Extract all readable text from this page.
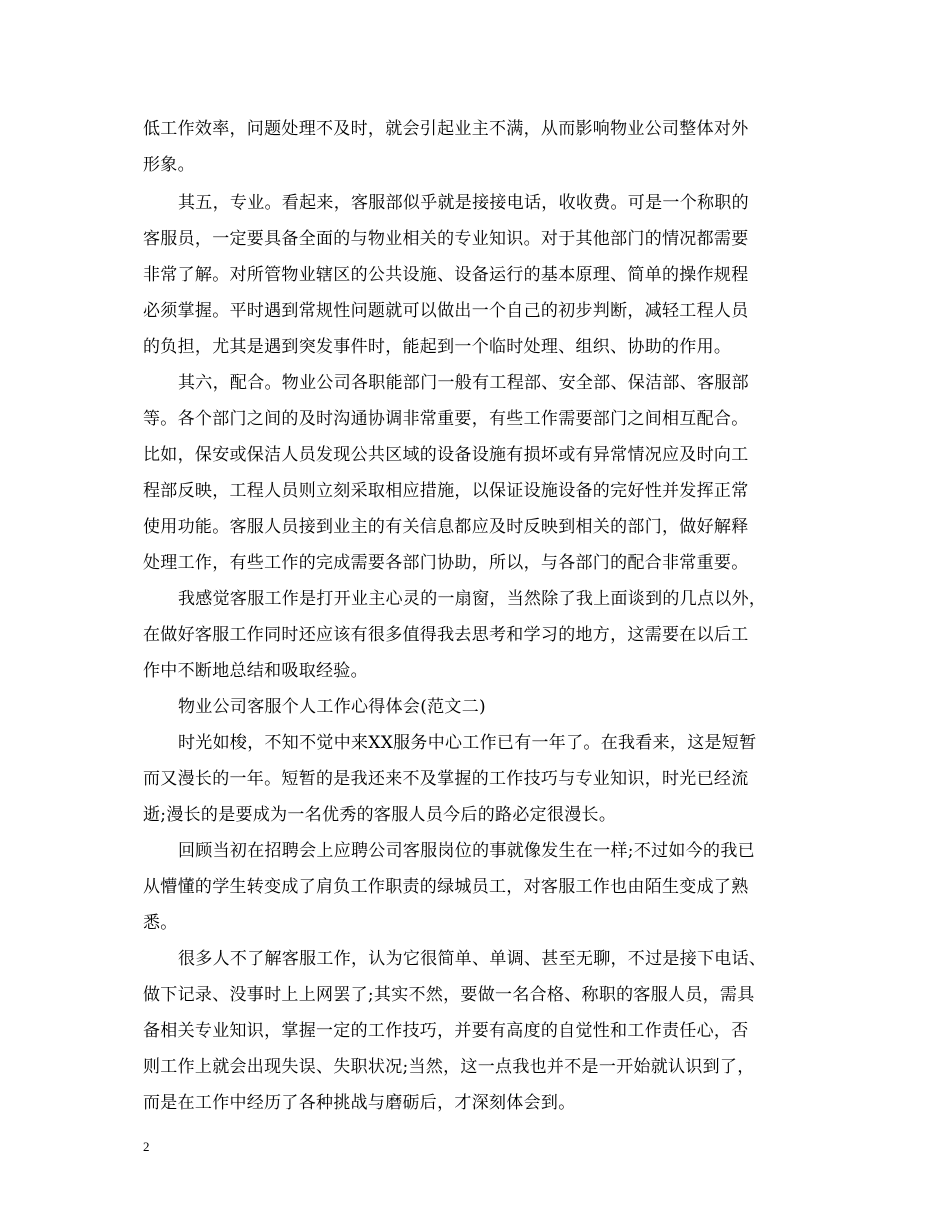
低工作效率，问题处理不及时，就会引起业主不满，从而影响物业公司整体对外
形象。
其五，专业。看起来，客服部似乎就是接接电话，收收费。可是一个称职的
客服员，一定要具备全面的与物业相关的专业知识。对于其他部门的情况都需要
非常了解。对所管物业辖区的公共设施、设备运行的基本原理、简单的操作规程
必须掌握。平时遇到常规性问题就可以做出一个自己的初步判断，减轻工程人员
的负担，尤其是遇到突发事件时，能起到一个临时处理、组织、协助的作用。
其六，配合。物业公司各职能部门一般有工程部、安全部、保洁部、客服部
等。各个部门之间的及时沟通协调非常重要，有些工作需要部门之间相互配合。
比如，保安或保洁人员发现公共区域的设备设施有损坏或有异常情况应及时向工
程部反映，工程人员则立刻采取相应措施，以保证设施设备的完好性并发挥正常
使用功能。客服人员接到业主的有关信息都应及时反映到相关的部门，做好解释
处理工作，有些工作的完成需要各部门协助，所以，与各部门的配合非常重要。
我感觉客服工作是打开业主心灵的一扇窗，当然除了我上面谈到的几点以外，
在做好客服工作同时还应该有很多值得我去思考和学习的地方，这需要在以后工
作中不断地总结和吸取经验。
物业公司客服个人工作心得体会(范文二)
时光如梭，不知不觉中来XX服务中心工作已有一年了。在我看来，这是短暂
而又漫长的一年。短暂的是我还来不及掌握的工作技巧与专业知识，时光已经流
逝;漫长的是要成为一名优秀的客服人员今后的路必定很漫长。
回顾当初在招聘会上应聘公司客服岗位的事就像发生在一样;不过如今的我已
从懵懂的学生转变成了肩负工作职责的绿城员工，对客服工作也由陌生变成了熟
悉。
很多人不了解客服工作，认为它很简单、单调、甚至无聊，不过是接下电话、
做下记录、没事时上上网罢了;其实不然，要做一名合格、称职的客服人员，需具
备相关专业知识，掌握一定的工作技巧，并要有高度的自觉性和工作责任心，否
则工作上就会出现失误、失职状况;当然，这一点我也并不是一开始就认识到了，
而是在工作中经历了各种挑战与磨砺后，才深刻体会到。
2
